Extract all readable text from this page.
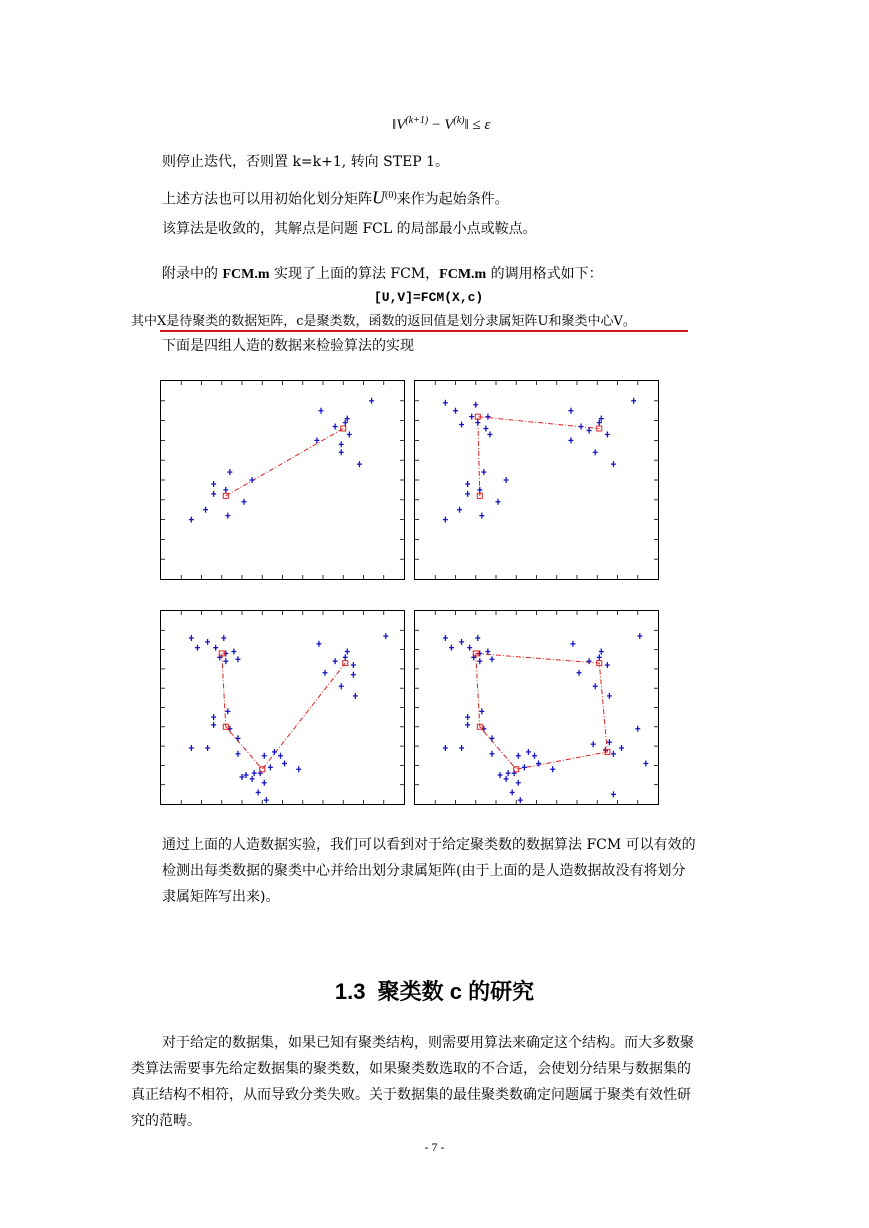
$‖V^{(k+1)}$ − $V^{(k)}‖ \le \varepsilon$
则停止迭代，否则置 k=k+1, 转向 STEP 1。
上述方法也可以用初始化划分矩阵$U^{(0)}$来作为起始条件。
该算法是收敛的，其解点是问题 FCL 的局部最小点或鞍点。
附录中的 FCM.m 实现了上面的算法 FCM，FCM.m 的调用格式如下：
[U,V]=FCM(X,c)
其中X是待聚类的数据矩阵，c是聚类数，函数的返回值是划分隶属矩阵U和聚类中心V。
下面是四组人造的数据来检验算法的实现
通过上面的人造数据实验，我们可以看到对于给定聚类数的数据算法 FCM 可以有效的
检测出每类数据的聚类中心并给出划分隶属矩阵(由于上面的是人造数据故没有将划分
隶属矩阵写出来)。
1.3 聚类数 c 的研究
对于给定的数据集，如果已知有聚类结构，则需要用算法来确定这个结构。而大多数聚
类算法需要事先给定数据集的聚类数，如果聚类数选取的不合适，会使划分结果与数据集的
真正结构不相符，从而导致分类失败。关于数据集的最佳聚类数确定问题属于聚类有效性研
究的范畴。
- 7 -
